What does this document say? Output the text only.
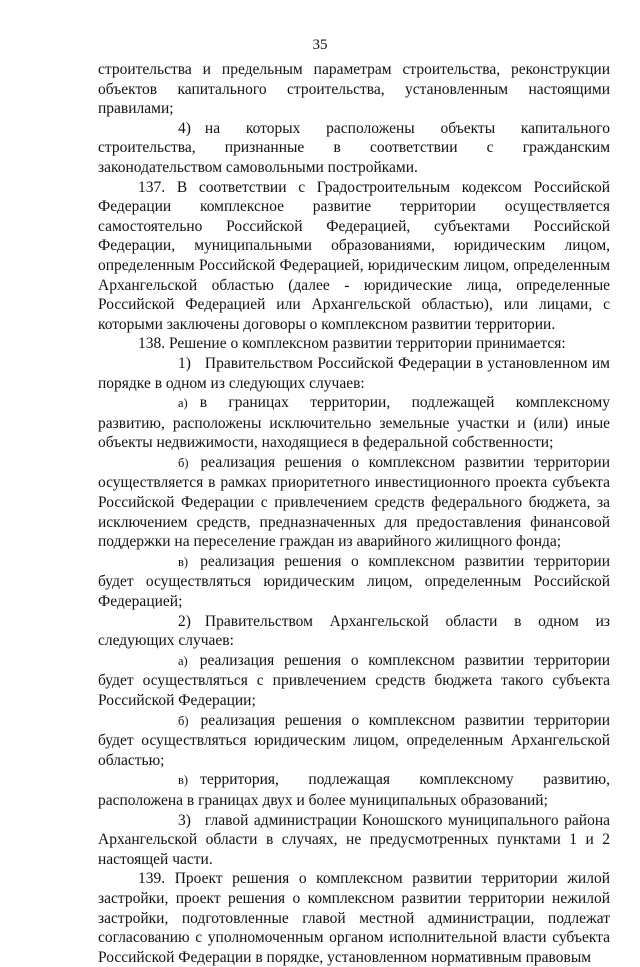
35

строительства и предельным параметрам строительства, реконструкции объектов капитального строительства, установленным настоящими правилами;

4) на которых расположены объекты капитального строительства, признанные в соответствии с гражданским законодательством самовольными постройками.

137. В соответствии с Градостроительным кодексом Российской Федерации комплексное развитие территории осуществляется самостоятельно Российской Федерацией, субъектами Российской Федерации, муниципальными образованиями, юридическим лицом, определенным Российской Федерацией, юридическим лицом, определенным Архангельской областью (далее - юридические лица, определенные Российской Федерацией или Архангельской областью), или лицами, с которыми заключены договоры о комплексном развитии территории.

138. Решение о комплексном развитии территории принимается:

1) Правительством Российской Федерации в установленном им порядке в одном из следующих случаев:

а) в границах территории, подлежащей комплексному развитию, расположены исключительно земельные участки и (или) иные объекты недвижимости, находящиеся в федеральной собственности;

б) реализация решения о комплексном развитии территории осуществляется в рамках приоритетного инвестиционного проекта субъекта Российской Федерации с привлечением средств федерального бюджета, за исключением средств, предназначенных для предоставления финансовой поддержки на переселение граждан из аварийного жилищного фонда;

в) реализация решения о комплексном развитии территории будет осуществляться юридическим лицом, определенным Российской Федерацией;

2) Правительством Архангельской области в одном из следующих случаев:

а) реализация решения о комплексном развитии территории будет осуществляться с привлечением средств бюджета такого субъекта Российской Федерации;

б) реализация решения о комплексном развитии территории будет осуществляться юридическим лицом, определенным Архангельской областью;

в) территория, подлежащая комплексному развитию, расположена в границах двух и более муниципальных образований;

3) главой администрации Коношского муниципального района Архангельской области в случаях, не предусмотренных пунктами 1 и 2 настоящей части.

139. Проект решения о комплексном развитии территории жилой застройки, проект решения о комплексном развитии территории нежилой застройки, подготовленные главой местной администрации, подлежат согласованию с уполномоченным органом исполнительной власти субъекта Российской Федерации в порядке, установленном нормативным правовым
